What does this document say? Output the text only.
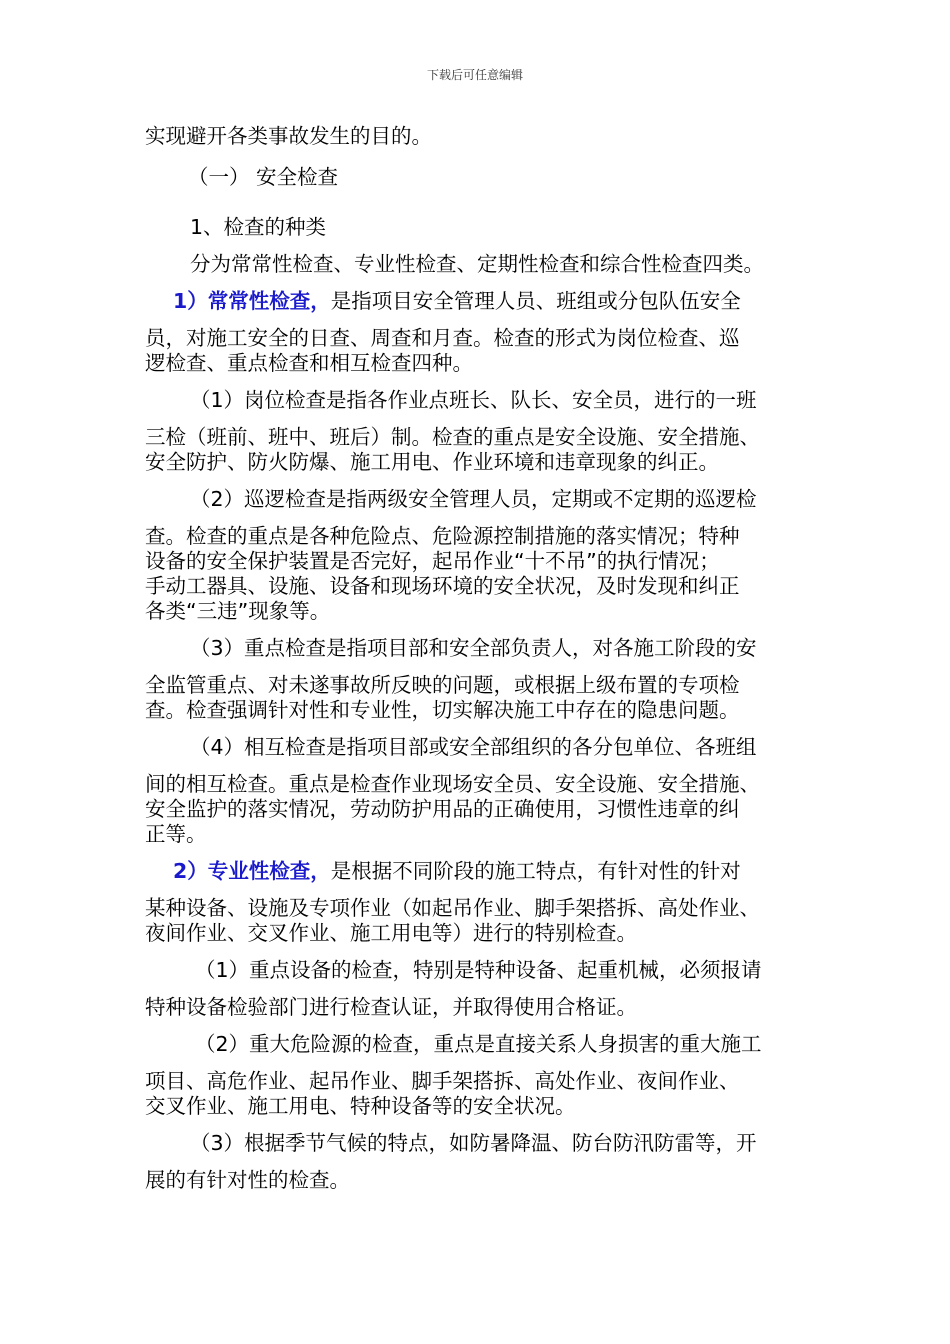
下载后可任意编辑
实现避开各类事故发生的目的。
（一） 安全检查
1、检查的种类
分为常常性检查、专业性检查、定期性检查和综合性检查四类。
1）常常性检查，是指项目安全管理人员、班组或分包队伍安全
员，对施工安全的日查、周查和月查。检查的形式为岗位检查、巡
逻检查、重点检查和相互检查四种。
（1）岗位检查是指各作业点班长、队长、安全员，进行的一班
三检（班前、班中、班后）制。检查的重点是安全设施、安全措施、
安全防护、防火防爆、施工用电、作业环境和违章现象的纠正。
（2）巡逻检查是指两级安全管理人员，定期或不定期的巡逻检
查。检查的重点是各种危险点、危险源控制措施的落实情况；特种
设备的安全保护装置是否完好，起吊作业“十不吊”的执行情况；
手动工器具、设施、设备和现场环境的安全状况，及时发现和纠正
各类“三违”现象等。
（3）重点检查是指项目部和安全部负责人，对各施工阶段的安
全监管重点、对未遂事故所反映的问题，或根据上级布置的专项检
查。检查强调针对性和专业性，切实解决施工中存在的隐患问题。
（4）相互检查是指项目部或安全部组织的各分包单位、各班组
间的相互检查。重点是检查作业现场安全员、安全设施、安全措施、
安全监护的落实情况，劳动防护用品的正确使用，习惯性违章的纠
正等。
2）专业性检查，是根据不同阶段的施工特点，有针对性的针对
某种设备、设施及专项作业（如起吊作业、脚手架搭拆、高处作业、
夜间作业、交叉作业、施工用电等）进行的特别检查。
（1）重点设备的检查，特别是特种设备、起重机械，必须报请
特种设备检验部门进行检查认证，并取得使用合格证。
（2）重大危险源的检查，重点是直接关系人身损害的重大施工
项目、高危作业、起吊作业、脚手架搭拆、高处作业、夜间作业、
交叉作业、施工用电、特种设备等的安全状况。
（3）根据季节气候的特点，如防暑降温、防台防汛防雷等，开
展的有针对性的检查。
